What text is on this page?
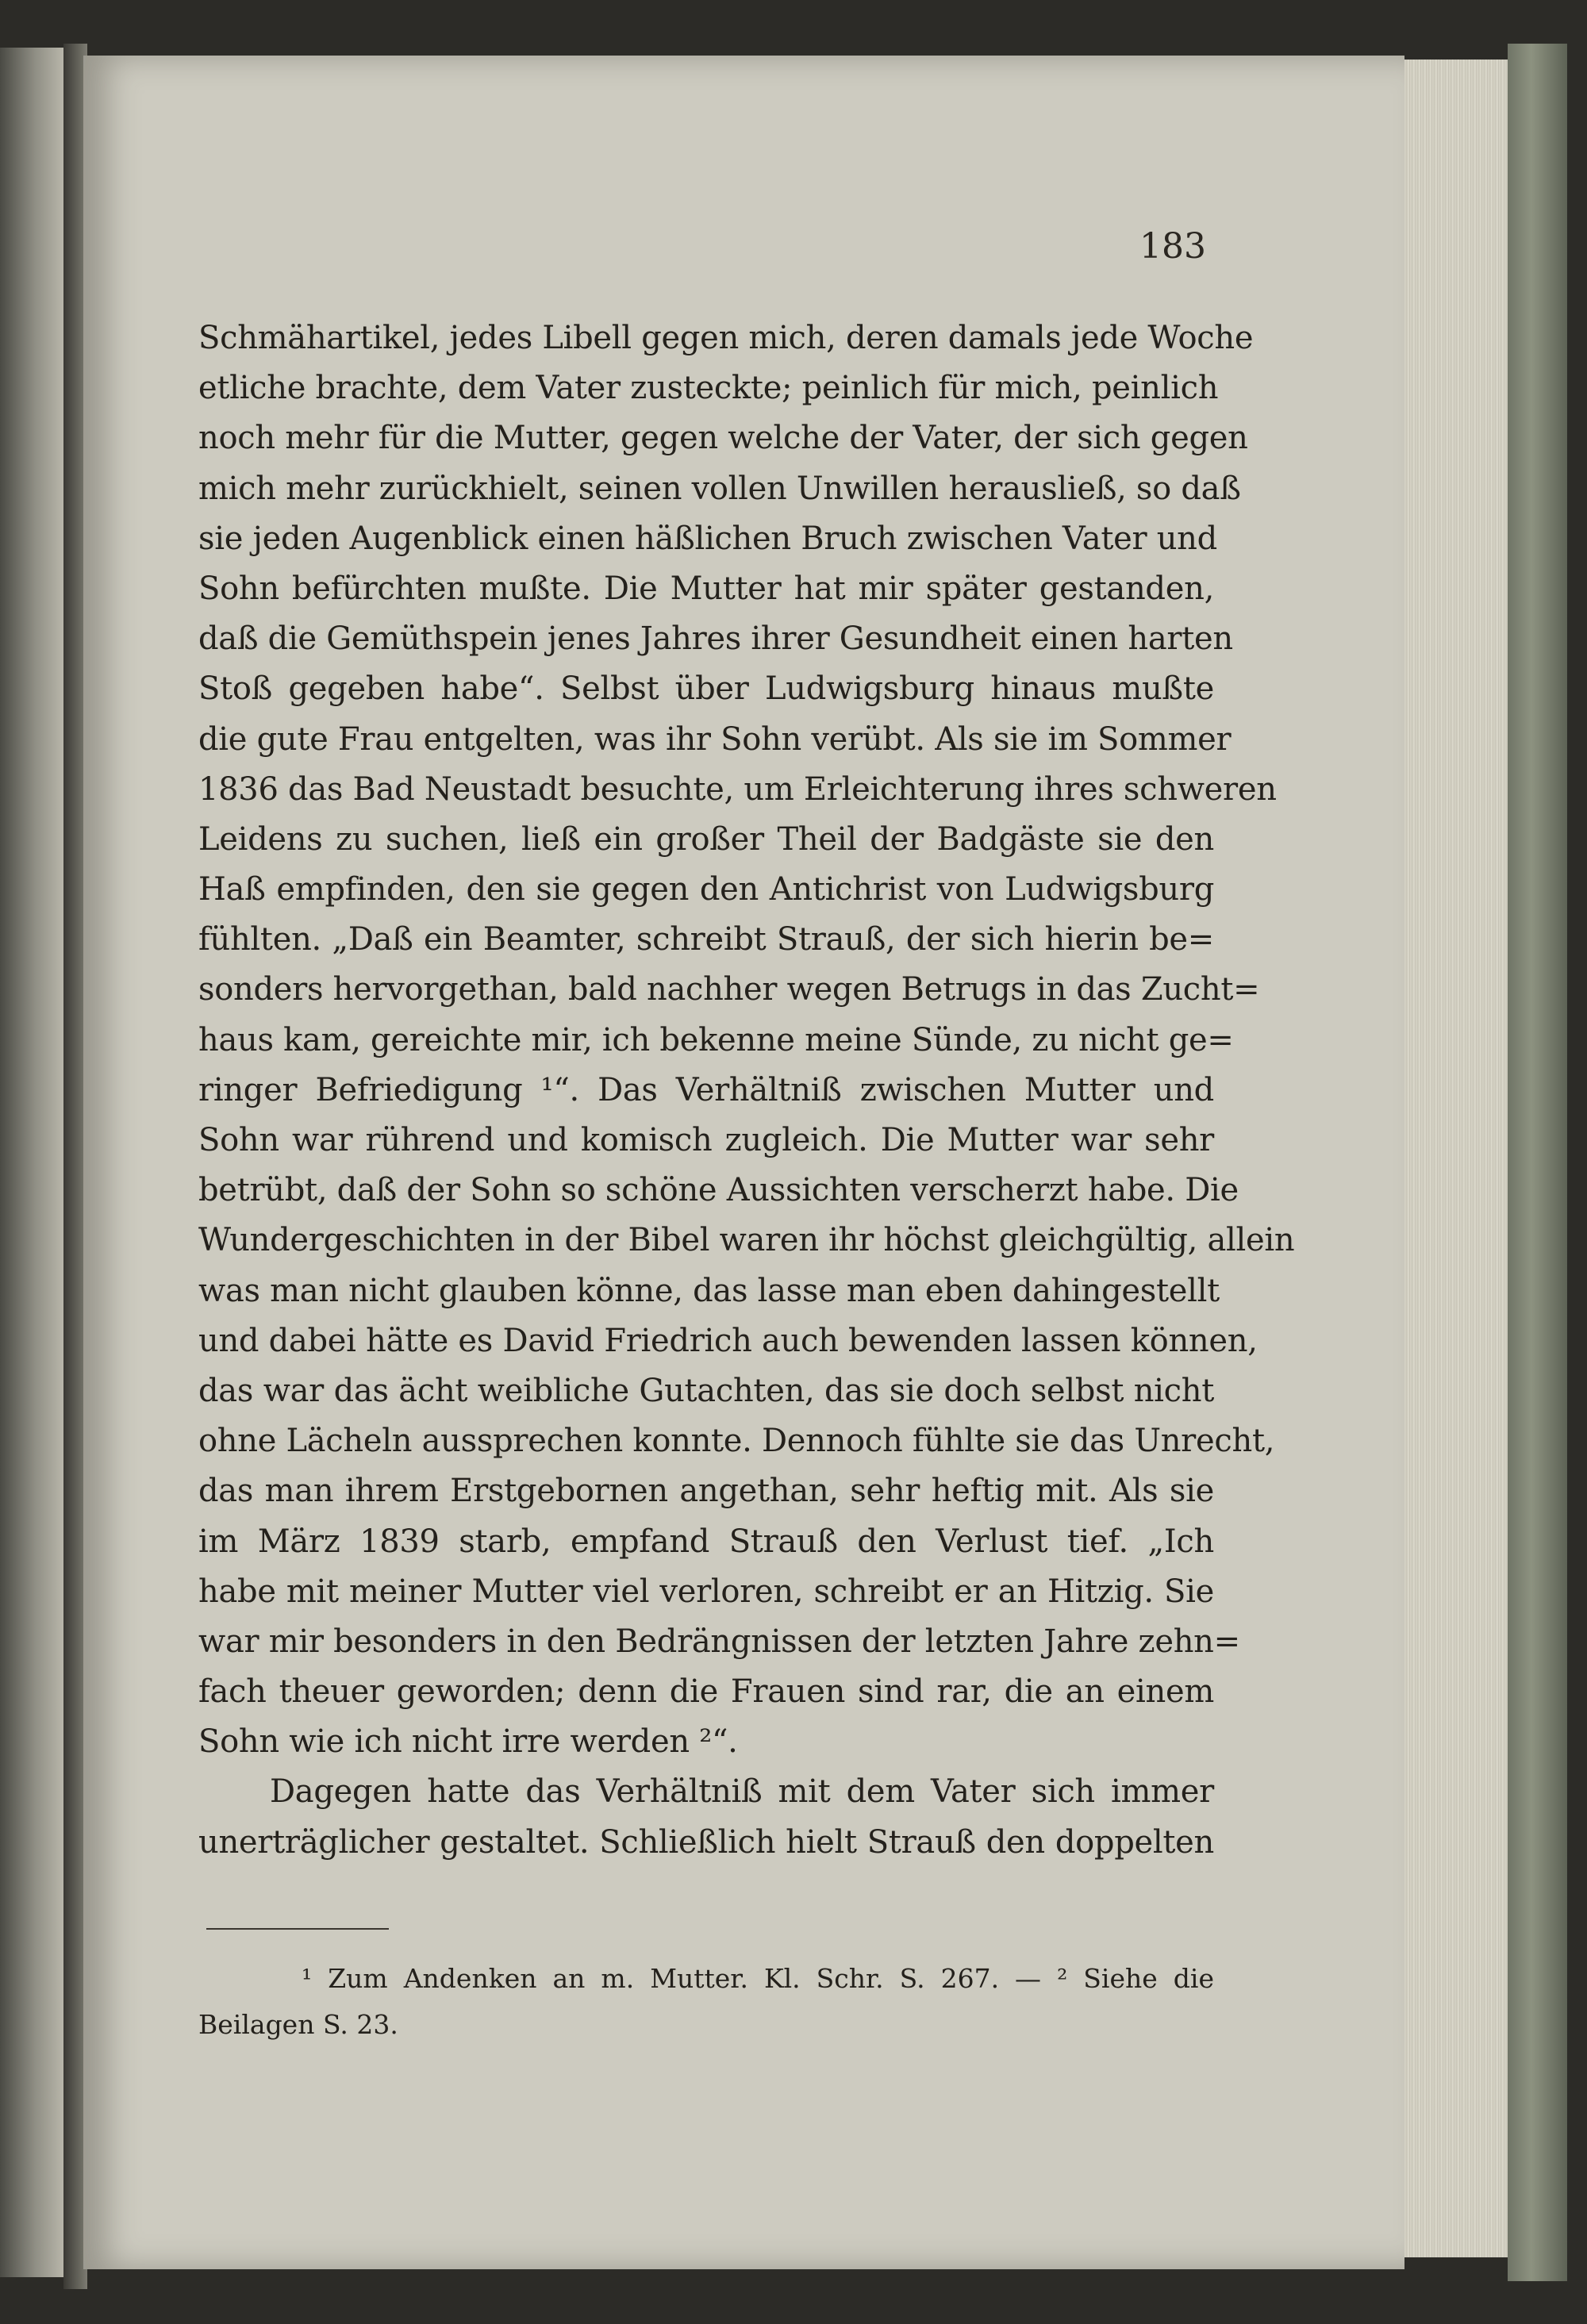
183
Schmähartikel, jedes Libell gegen mich, deren damals jede Woche
etliche brachte, dem Vater zusteckte; peinlich für mich, peinlich
noch mehr für die Mutter, gegen welche der Vater, der sich gegen
mich mehr zurückhielt, seinen vollen Unwillen herausließ, so daß
sie jeden Augenblick einen häßlichen Bruch zwischen Vater und
Sohn befürchten mußte. Die Mutter hat mir später gestanden,
daß die Gemüthspein jenes Jahres ihrer Gesundheit einen harten
Stoß gegeben habe“. Selbst über Ludwigsburg hinaus mußte
die gute Frau entgelten, was ihr Sohn verübt. Als sie im Sommer
1836 das Bad Neustadt besuchte, um Erleichterung ihres schweren
Leidens zu suchen, ließ ein großer Theil der Badgäste sie den
Haß empfinden, den sie gegen den Antichrist von Ludwigsburg
fühlten. „Daß ein Beamter, schreibt Strauß, der sich hierin be=
sonders hervorgethan, bald nachher wegen Betrugs in das Zucht=
haus kam, gereichte mir, ich bekenne meine Sünde, zu nicht ge=
ringer Befriedigung ¹“. Das Verhältniß zwischen Mutter und
Sohn war rührend und komisch zugleich. Die Mutter war sehr
betrübt, daß der Sohn so schöne Aussichten verscherzt habe. Die
Wundergeschichten in der Bibel waren ihr höchst gleichgültig, allein
was man nicht glauben könne, das lasse man eben dahingestellt
und dabei hätte es David Friedrich auch bewenden lassen können,
das war das ächt weibliche Gutachten, das sie doch selbst nicht
ohne Lächeln aussprechen konnte. Dennoch fühlte sie das Unrecht,
das man ihrem Erstgebornen angethan, sehr heftig mit. Als sie
im März 1839 starb, empfand Strauß den Verlust tief. „Ich
habe mit meiner Mutter viel verloren, schreibt er an Hitzig. Sie
war mir besonders in den Bedrängnissen der letzten Jahre zehn=
fach theuer geworden; denn die Frauen sind rar, die an einem
Sohn wie ich nicht irre werden ²“.
Dagegen hatte das Verhältniß mit dem Vater sich immer
unerträglicher gestaltet. Schließlich hielt Strauß den doppelten
¹ Zum Andenken an m. Mutter. Kl. Schr. S. 267. — ² Siehe die
Beilagen S. 23.
